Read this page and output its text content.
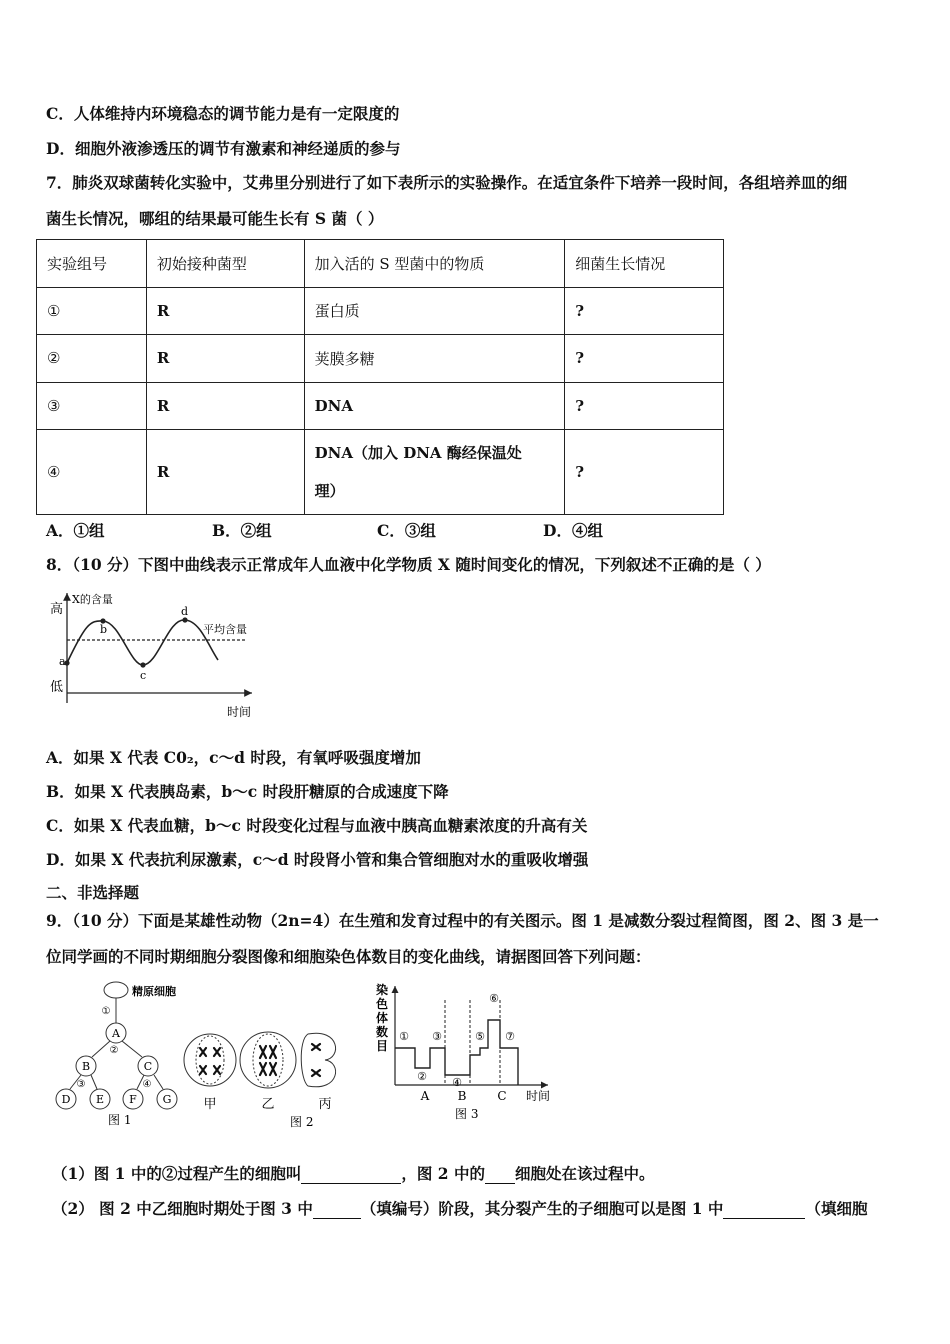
C．人体维持内环境稳态的调节能力是有一定限度的
D．细胞外液渗透压的调节有激素和神经递质的参与
7．肺炎双球菌转化实验中，艾弗里分别进行了如下表所示的实验操作。在适宜条件下培养一段时间，各组培养皿的细
菌生长情况，哪组的结果最可能生长有 S 菌（ ）
实验组号	初始接种菌型	加入活的 S 型菌中的物质	细菌生长情况
①	R	蛋白质	?
②	R	荚膜多糖	?
③	R	DNA	?
④	R	DNA（加入 DNA 酶经保温处
理）	?
A．①组	B．②组	C．③组	D．④组
8．（10 分）下图中曲线表示正常成年人血液中化学物质 X 随时间变化的情况，下列叙述不正确的是（ ）
高
低
X的含量
平均含量
a
b
c
d
时间
A．如果 X 代表 C0₂，c～d 时段，有氧呼吸强度增加
B．如果 X 代表胰岛素，b～c 时段肝糖原的合成速度下降
C．如果 X 代表血糖，b～c 时段变化过程与血液中胰高血糖素浓度的升高有关
D．如果 X 代表抗利尿激素，c～d 时段肾小管和集合管细胞对水的重吸收增强
二、非选择题
9．（10 分）下面是某雄性动物（2n=4）在生殖和发育过程中的有关图示。图 1 是减数分裂过程简图，图 2、图 3 是一
位同学画的不同时期细胞分裂图像和细胞染色体数目的变化曲线，请据图回答下列问题：
精原细胞
A
B	C
D E F G
①
②
③	④
图 1
甲	乙	丙
图 2
染
色
体
数
目
①
②
③
④
⑤
⑥
⑦
A B	C 时间
图 3
（1）图 1 中的②过程产生的细胞叫	，图 2 中的 细胞处在该过程中。
（2） 图 2 中乙细胞时期处于图 3 中	（填编号）阶段，其分裂产生的子细胞可以是图 1 中	（填细胞
